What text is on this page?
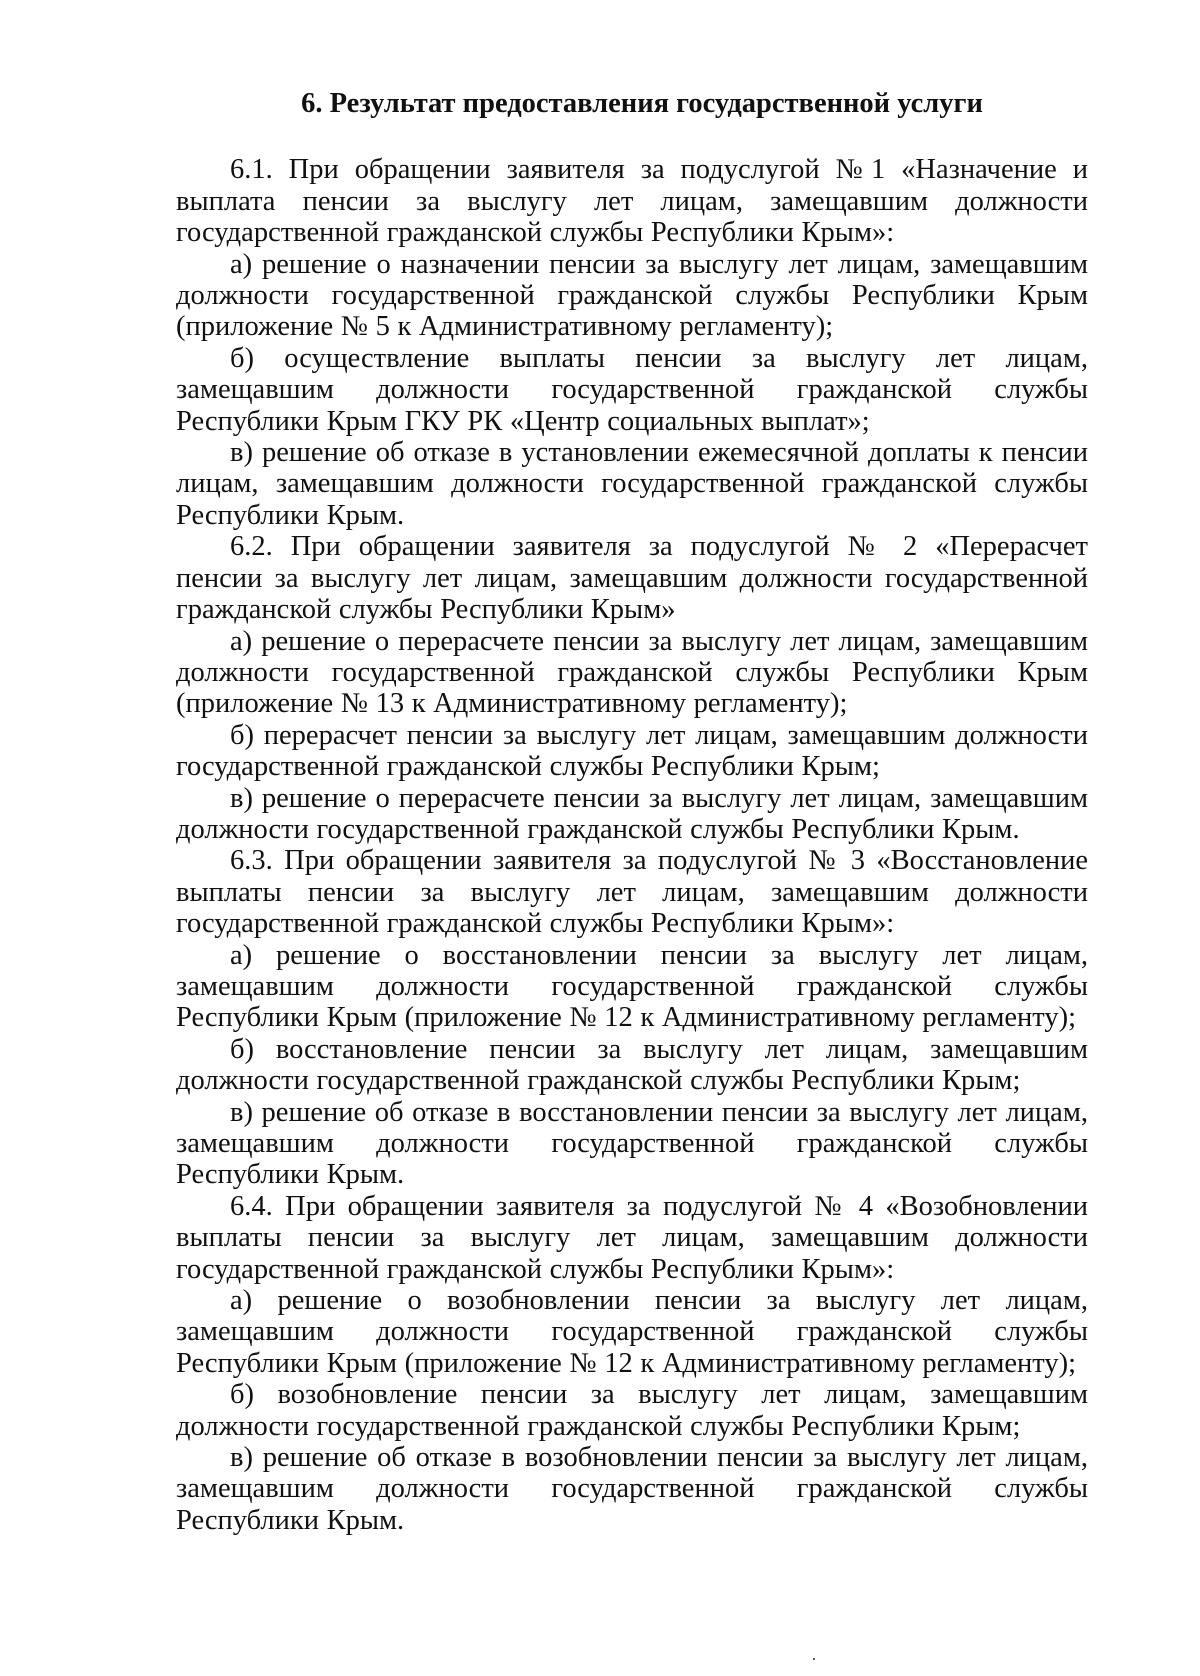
6. Результат предоставления государственной услуги

6.1. При обращении заявителя за подуслугой №1 «Назначение и выплата пенсии за выслугу лет лицам, замещавшим должности государственной гражданской службы Республики Крым»:

а) решение о назначении пенсии за выслугу лет лицам, замещавшим должности государственной гражданской службы Республики Крым (приложение № 5 к Административному регламенту);

б) осуществление выплаты пенсии за выслугу лет лицам, замещавшим должности государственной гражданской службы Республики Крым ГКУ РК «Центр социальных выплат»;

в) решение об отказе в установлении ежемесячной доплаты к пенсии лицам, замещавшим должности государственной гражданской службы Республики Крым.

6.2. При обращении заявителя за подуслугой № 2 «Перерасчет пенсии за выслугу лет лицам, замещавшим должности государственной гражданской службы Республики Крым»

а) решение о перерасчете пенсии за выслугу лет лицам, замещавшим должности государственной гражданской службы Республики Крым (приложение № 13 к Административному регламенту);

б) перерасчет пенсии за выслугу лет лицам, замещавшим должности государственной гражданской службы Республики Крым;

в) решение о перерасчете пенсии за выслугу лет лицам, замещавшим должности государственной гражданской службы Республики Крым.

6.3. При обращении заявителя за подуслугой № 3 «Восстановление выплаты пенсии за выслугу лет лицам, замещавшим должности государственной гражданской службы Республики Крым»:

а) решение о восстановлении пенсии за выслугу лет лицам, замещавшим должности государственной гражданской службы Республики Крым (приложение № 12 к Административному регламенту);

б) восстановление пенсии за выслугу лет лицам, замещавшим должности государственной гражданской службы Республики Крым;

в) решение об отказе в восстановлении пенсии за выслугу лет лицам, замещавшим должности государственной гражданской службы Республики Крым.

6.4. При обращении заявителя за подуслугой № 4 «Возобновлении выплаты пенсии за выслугу лет лицам, замещавшим должности государственной гражданской службы Республики Крым»:

а) решение о возобновлении пенсии за выслугу лет лицам, замещавшим должности государственной гражданской службы Республики Крым (приложение № 12 к Административному регламенту);

б) возобновление пенсии за выслугу лет лицам, замещавшим должности государственной гражданской службы Республики Крым;

в) решение об отказе в возобновлении пенсии за выслугу лет лицам, замещавшим должности государственной гражданской службы Республики Крым.
